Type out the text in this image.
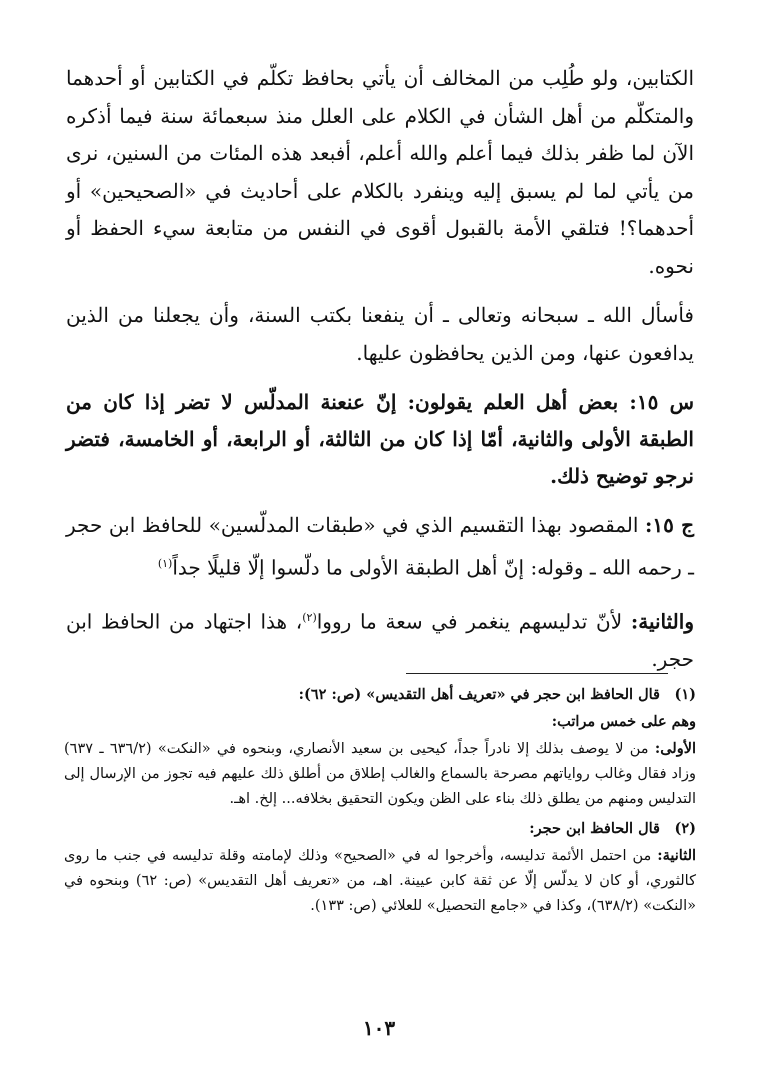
الكتابين، ولو طُلِب من المخالف أن يأتي بحافظ تكلّم في الكتابين أو أحدهما والمتكلّم من أهل الشأن في الكلام على العلل منذ سبعمائة سنة فيما أذكره الآن لما ظفر بذلك فيما أعلم والله أعلم، أفبعد هذه المئات من السنين، نرى من يأتي لما لم يسبق إليه وينفرد بالكلام على أحاديث في «الصحيحين» أو أحدهما؟! فتلقي الأمة بالقبول أقوى في النفس من متابعة سيء الحفظ أو نحوه.

فأسأل الله ـ سبحانه وتعالى ـ أن ينفعنا بكتب السنة، وأن يجعلنا من الذين يدافعون عنها، ومن الذين يحافظون عليها.

س ١٥: بعض أهل العلم يقولون: إنّ عنعنة المدلّس لا تضر إذا كان من الطبقة الأولى والثانية، أمّا إذا كان من الثالثة، أو الرابعة، أو الخامسة، فتضر نرجو توضيح ذلك.

ج ١٥: المقصود بهذا التقسيم الذي في «طبقات المدلّسين» للحافظ ابن حجر ـ رحمه الله ـ وقوله: إنّ أهل الطبقة الأولى ما دلّسوا إلّا قليلًا جداً$^{(١)}$

والثانية: لأنّ تدليسهم ينغمر في سعة ما رووا$^{(٢)}$، هذا اجتهاد من الحافظ ابن حجر.

(١)قال الحافظ ابن حجر في «تعريف أهل التقديس» (ص: ٦٢):

وهم على خمس مراتب:

الأولى: من لا يوصف بذلك إلا نادراً جداً، كيحيى بن سعيد الأنصاري، وبنحوه في «النكت» (٦٣٦/٢ ـ ٦٣٧) وزاد فقال وغالب رواياتهم مصرحة بالسماع والغالب إطلاق من أطلق ذلك عليهم فيه تجوز من الإرسال إلى التدليس ومنهم من يطلق ذلك بناء على الظن ويكون التحقيق بخلافه... إلخ. اهـ.

(٢)قال الحافظ ابن حجر:

الثانية: من احتمل الأئمة تدليسه، وأخرجوا له في «الصحيح» وذلك لإمامته وقلة تدليسه في جنب ما روى كالثوري، أو كان لا يدلّس إلّا عن ثقة كابن عيينة. اهـ، من «تعريف أهل التقديس» (ص: ٦٢) وبنحوه في «النكت» (٦٣٨/٢)، وكذا في «جامع التحصيل» للعلائي (ص: ١٣٣).

١٠٣
